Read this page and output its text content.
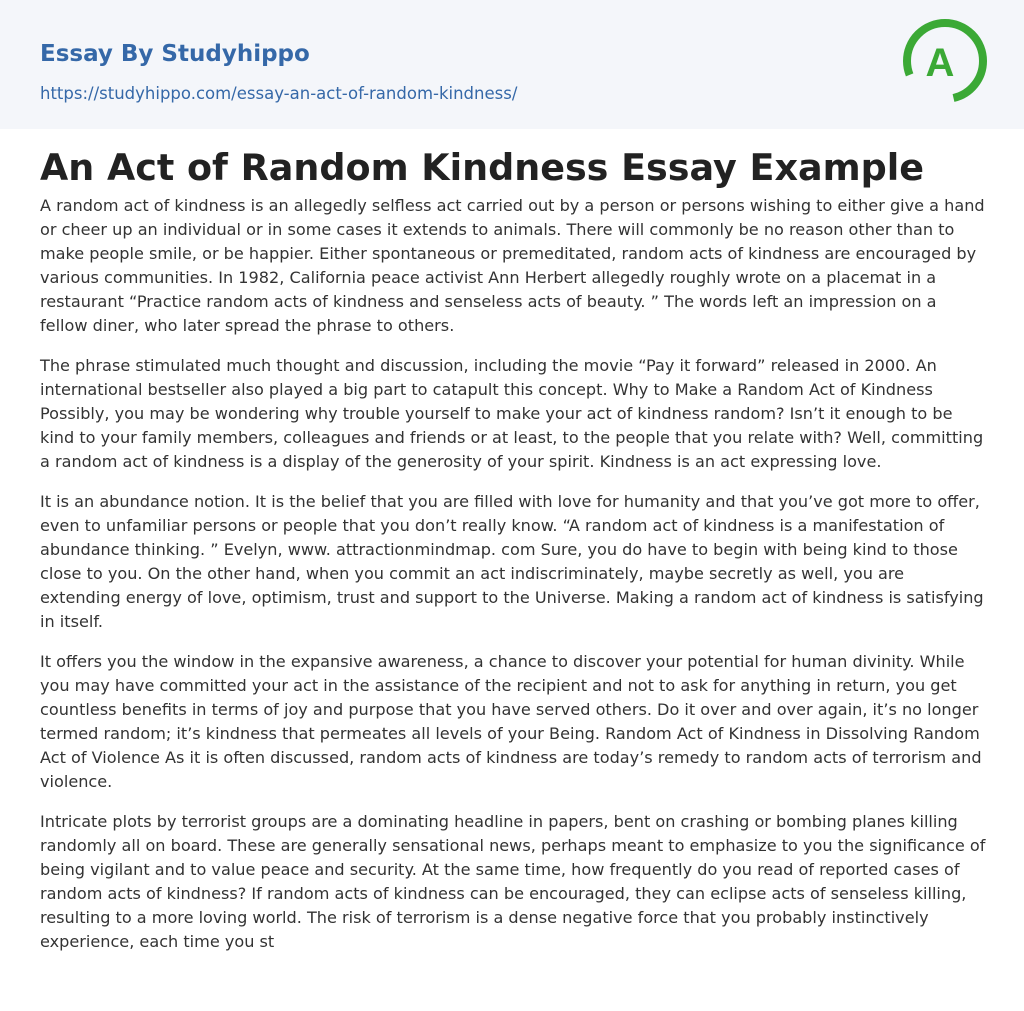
Essay By Studyhippo
https://studyhippo.com/essay-an-act-of-random-kindness/
A
An Act of Random Kindness Essay Example

A random act of kindness is an allegedly selfless act carried out by a person or persons wishing to either give a hand or cheer up an individual or in some cases it extends to animals. There will commonly be no reason other than to make people smile, or be happier. Either spontaneous or premeditated, random acts of kindness are encouraged by various communities. In 1982, California peace activist Ann Herbert allegedly roughly wrote on a placemat in a restaurant “Practice random acts of kindness and senseless acts of beauty. ” The words left an impression on a fellow diner, who later spread the phrase to others.

The phrase stimulated much thought and discussion, including the movie “Pay it forward” released in 2000. An international bestseller also played a big part to catapult this concept. Why to Make a Random Act of Kindness Possibly, you may be wondering why trouble yourself to make your act of kindness random? Isn’t it enough to be kind to your family members, colleagues and friends or at least, to the people that you relate with? Well, committing a random act of kindness is a display of the generosity of your spirit. Kindness is an act expressing love.

It is an abundance notion. It is the belief that you are filled with love for humanity and that you’ve got more to offer, even to unfamiliar persons or people that you don’t really know. “A random act of kindness is a manifestation of abundance thinking. ” Evelyn, www. attractionmindmap. com Sure, you do have to begin with being kind to those close to you. On the other hand, when you commit an act indiscriminately, maybe secretly as well, you are extending energy of love, optimism, trust and support to the Universe. Making a random act of kindness is satisfying in itself.

It offers you the window in the expansive awareness, a chance to discover your potential for human divinity. While you may have committed your act in the assistance of the recipient and not to ask for anything in return, you get countless benefits in terms of joy and purpose that you have served others. Do it over and over again, it’s no longer termed random; it’s kindness that permeates all levels of your Being. Random Act of Kindness in Dissolving Random Act of Violence As it is often discussed, random acts of kindness are today’s remedy to random acts of terrorism and violence.

Intricate plots by terrorist groups are a dominating headline in papers, bent on crashing or bombing planes killing randomly all on board. These are generally sensational news, perhaps meant to emphasize to you the significance of being vigilant and to value peace and security. At the same time, how frequently do you read of reported cases of random acts of kindness? If random acts of kindness can be encouraged, they can eclipse acts of senseless killing, resulting to a more loving world. The risk of terrorism is a dense negative force that you probably instinctively experience, each time you st
